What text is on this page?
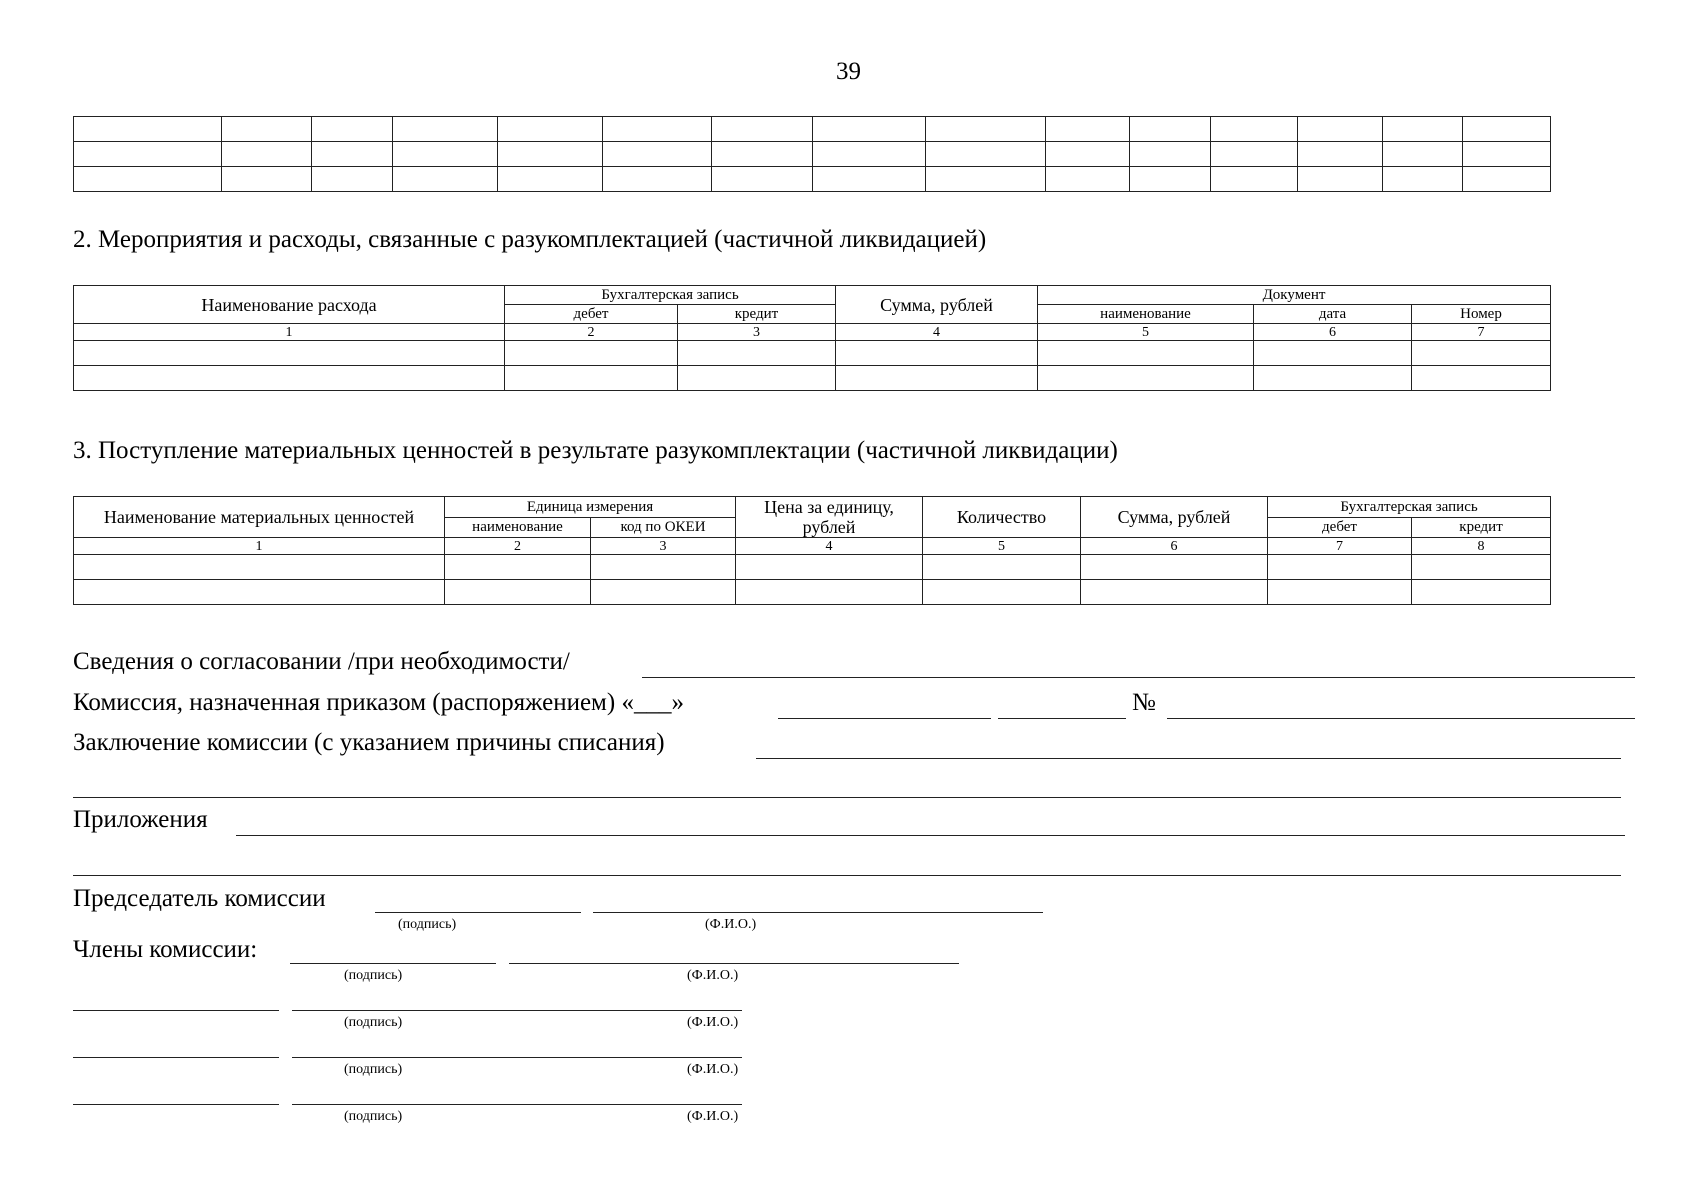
39

2. Мероприятия и расходы, связанные с разукомплектацией (частичной ликвидацией)
Наименование расхода	Бухгалтерская запись		Сумма, рублей	Документ		
	дебет	кредит		наименование	дата	Номер
1	2	3	4	5	6	7

3. Поступление материальных ценностей в результате разукомплектации (частичной ликвидации)
Наименование материальных ценностей	Единица измерения		Цена за единицу, рублей	Количество	Сумма, рублей	Бухгалтерская запись	
	наименование	код по ОКЕИ				дебет	кредит
1	2	3	4	5	6	7	8

Сведения о согласовании /при необходимости/
Комиссия, назначенная приказом (распоряжением) «___»	№
Заключение комиссии (с указанием причины списания)
Приложения
Председатель комиссии
(подпись)	(Ф.И.О.)
Члены комиссии:
(подпись)	(Ф.И.О.)
(подпись)	(Ф.И.О.)
(подпись)	(Ф.И.О.)
(подпись)	(Ф.И.О.)
